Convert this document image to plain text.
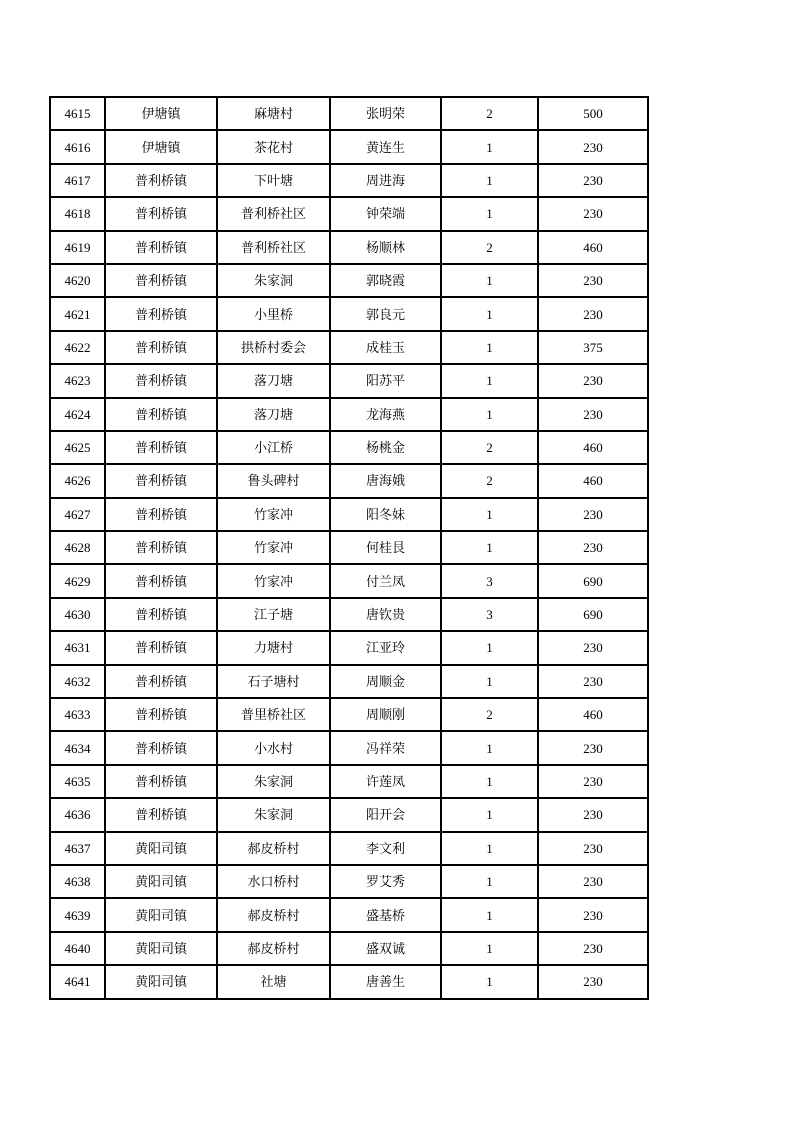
4615	伊塘镇	麻塘村	张明荣	2	500
4616	伊塘镇	茶花村	黄连生	1	230
4617	普利桥镇	下叶塘	周进海	1	230
4618	普利桥镇	普利桥社区	钟荣端	1	230
4619	普利桥镇	普利桥社区	杨顺林	2	460
4620	普利桥镇	朱家洞	郭晓霞	1	230
4621	普利桥镇	小里桥	郭良元	1	230
4622	普利桥镇	拱桥村委会	成桂玉	1	375
4623	普利桥镇	落刀塘	阳苏平	1	230
4624	普利桥镇	落刀塘	龙海燕	1	230
4625	普利桥镇	小江桥	杨桃金	2	460
4626	普利桥镇	鲁头碑村	唐海娥	2	460
4627	普利桥镇	竹家冲	阳冬妹	1	230
4628	普利桥镇	竹家冲	何桂艮	1	230
4629	普利桥镇	竹家冲	付兰凤	3	690
4630	普利桥镇	江子塘	唐钦贵	3	690
4631	普利桥镇	力塘村	江亚玲	1	230
4632	普利桥镇	石子塘村	周顺金	1	230
4633	普利桥镇	普里桥社区	周顺刚	2	460
4634	普利桥镇	小水村	冯祥荣	1	230
4635	普利桥镇	朱家洞	许莲凤	1	230
4636	普利桥镇	朱家洞	阳开会	1	230
4637	黄阳司镇	郝皮桥村	李文利	1	230
4638	黄阳司镇	水口桥村	罗艾秀	1	230
4639	黄阳司镇	郝皮桥村	盛基桥	1	230
4640	黄阳司镇	郝皮桥村	盛双诚	1	230
4641	黄阳司镇	社塘	唐善生	1	230
